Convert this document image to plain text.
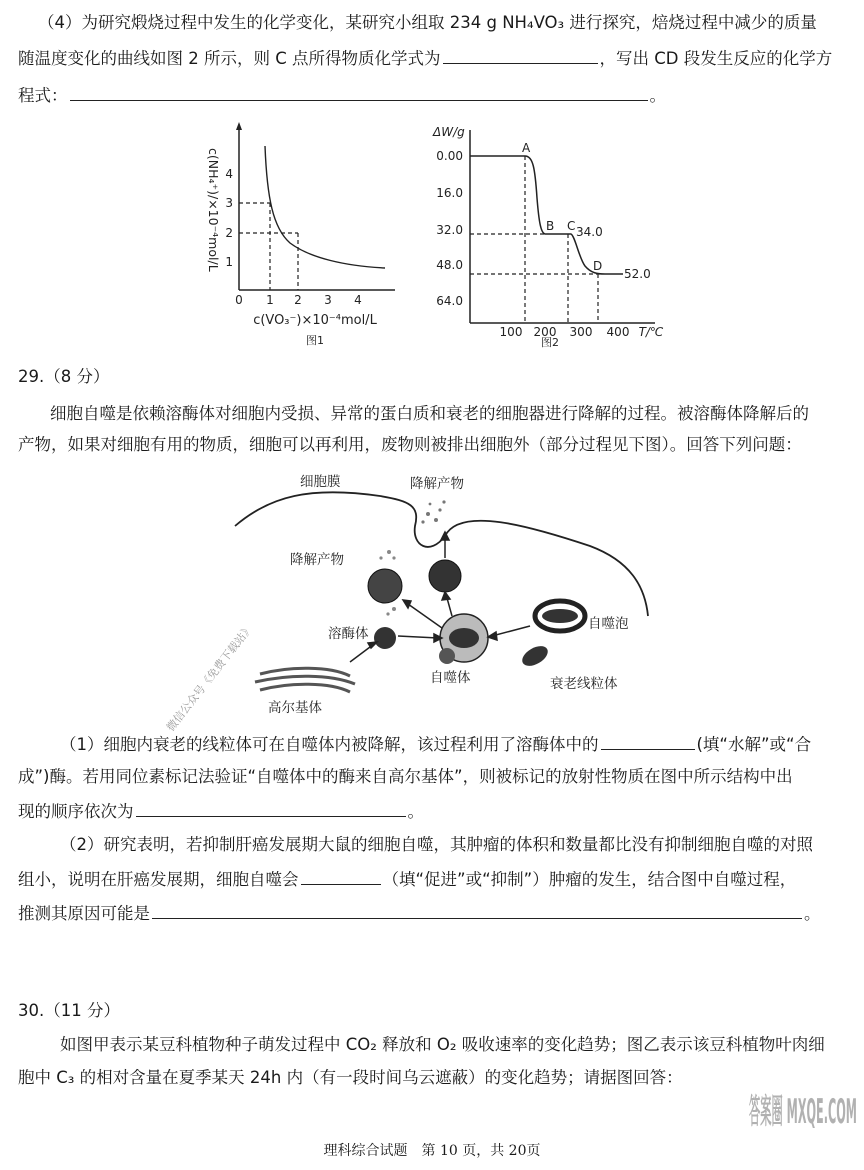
（4）为研究煅烧过程中发生的化学变化，某研究小组取 234 g NH₄VO₃ 进行探究，焙烧过程中减少的质量
随温度变化的曲线如图 2 所示，则 C 点所得物质化学式为	，写出 CD 段发生反应的化学方
程式：	。
1
2
3
4
0 1 2 3 4
c(NH₄⁺)/×10⁻⁴mol/L
c(VO₃⁻)×10⁻⁴mol/L
图1
0.00
16.0
32.0
48.0
64.0
100 200 300 400 T/℃
ΔW/g
A
B C 34.0
D
52.0
图2
29.（8 分）
细胞自噬是依赖溶酶体对细胞内受损、异常的蛋白质和衰老的细胞器进行降解的过程。被溶酶体降解后的
产物，如果对细胞有用的物质，细胞可以再利用，废物则被排出细胞外（部分过程见下图）。回答下列问题：
细胞膜	降解产物
降解产物
溶酶体
高尔基体
自噬体
自噬泡
衰老线粒体
微信公众号《免费下载站》
（1）细胞内衰老的线粒体可在自噬体内被降解，该过程利用了溶酶体中的	(填“水解”或“合
成”)酶。若用同位素标记法验证“自噬体中的酶来自高尔基体”，则被标记的放射性物质在图中所示结构中出
现的顺序依次为	。
（2）研究表明，若抑制肝癌发展期大鼠的细胞自噬，其肿瘤的体积和数量都比没有抑制细胞自噬的对照
组小，说明在肝癌发展期，细胞自噬会	（填“促进”或“抑制”）肿瘤的发生，结合图中自噬过程，
推测其原因可能是	。
30.（11 分）
如图甲表示某豆科植物种子萌发过程中 CO₂ 释放和 O₂ 吸收速率的变化趋势；图乙表示该豆科植物叶肉细
胞中 C₃ 的相对含量在夏季某天 24h 内（有一段时间乌云遮蔽）的变化趋势；请据图回答：
答案圈 MXQE.COM
理科综合试题　第 10 页，共 20页
